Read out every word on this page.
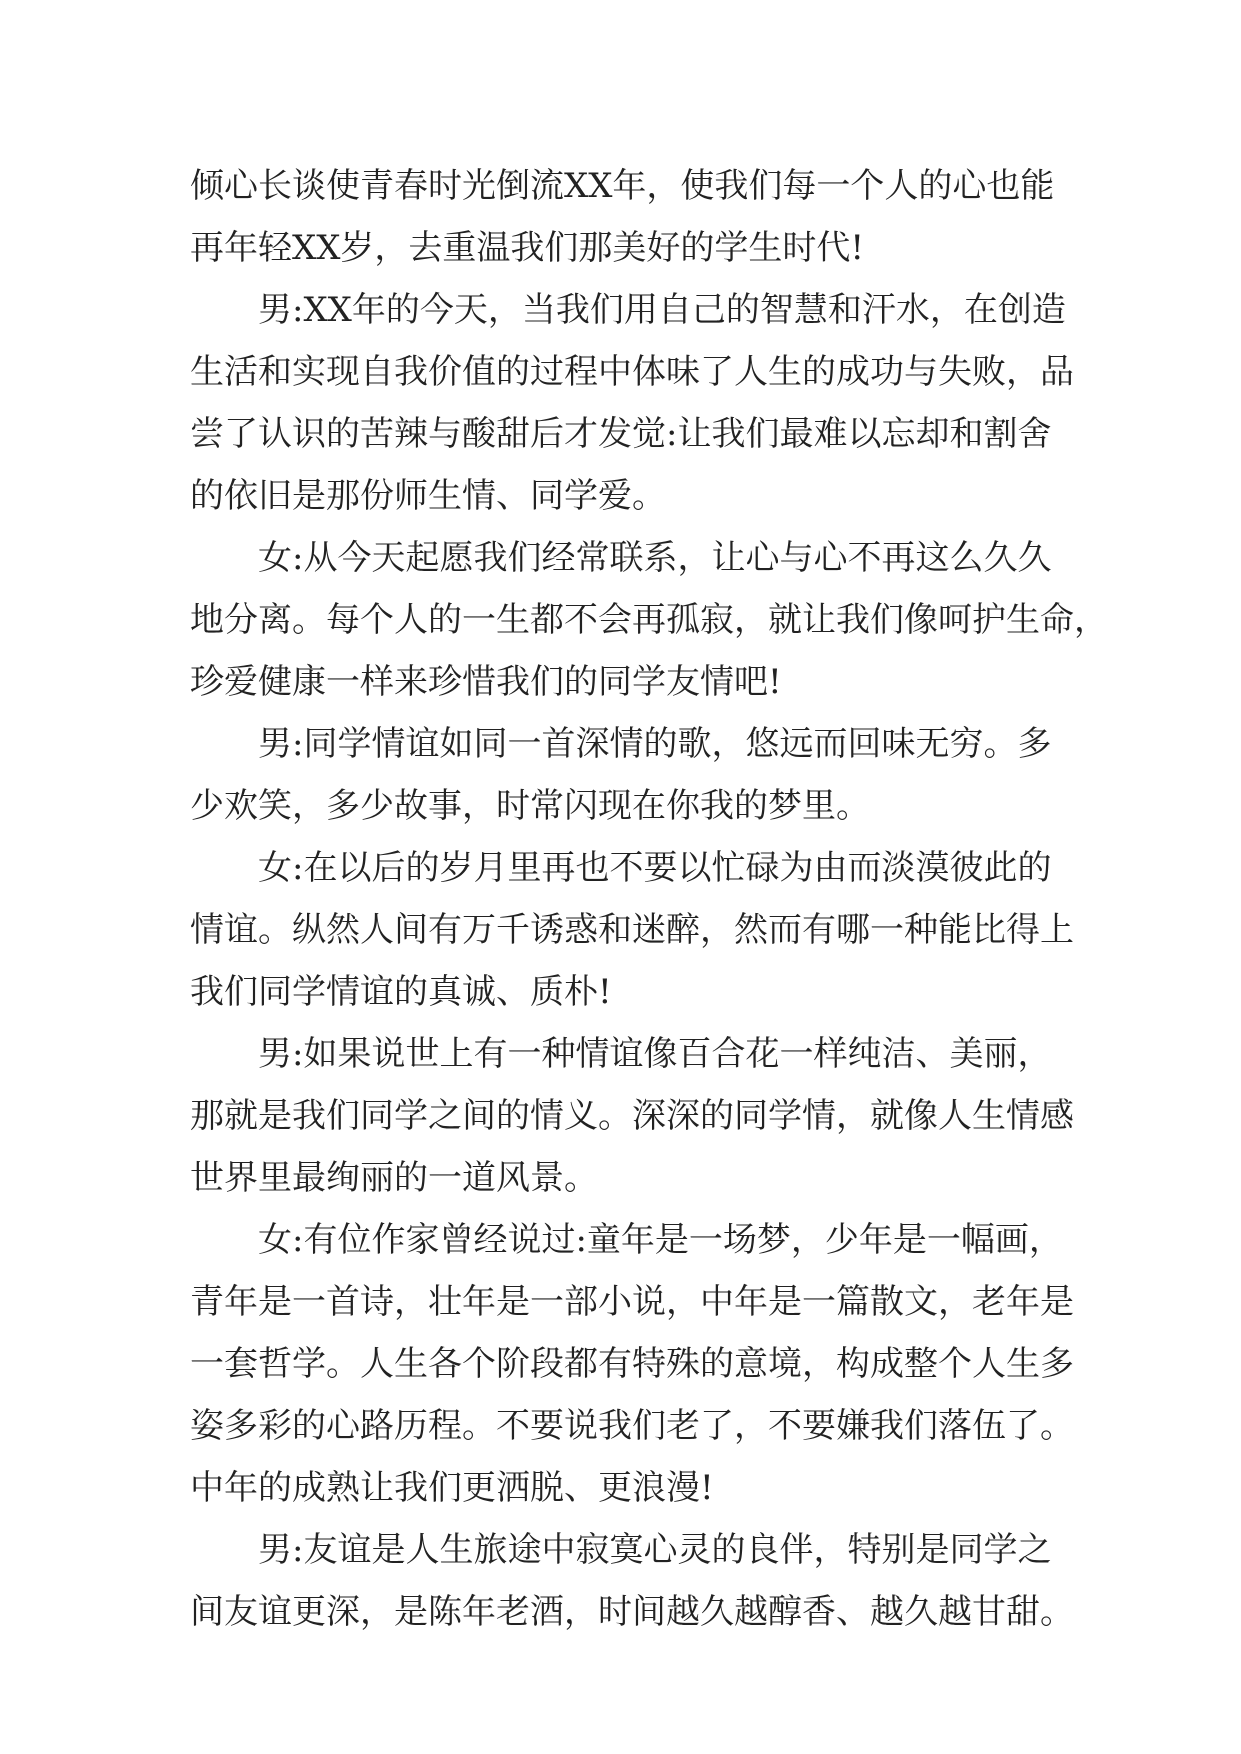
倾心长谈使青春时光倒流XX年，使我们每一个人的心也能
再年轻XX岁，去重温我们那美好的学生时代!
男:XX年的今天，当我们用自己的智慧和汗水，在创造
生活和实现自我价值的过程中体味了人生的成功与失败，品
尝了认识的苦辣与酸甜后才发觉:让我们最难以忘却和割舍
的依旧是那份师生情、同学爱。
女:从今天起愿我们经常联系，让心与心不再这么久久
地分离。每个人的一生都不会再孤寂，就让我们像呵护生命，
珍爱健康一样来珍惜我们的同学友情吧!
男:同学情谊如同一首深情的歌，悠远而回味无穷。多
少欢笑，多少故事，时常闪现在你我的梦里。
女:在以后的岁月里再也不要以忙碌为由而淡漠彼此的
情谊。纵然人间有万千诱惑和迷醉，然而有哪一种能比得上
我们同学情谊的真诚、质朴!
男:如果说世上有一种情谊像百合花一样纯洁、美丽，
那就是我们同学之间的情义。深深的同学情，就像人生情感
世界里最绚丽的一道风景。
女:有位作家曾经说过:童年是一场梦，少年是一幅画，
青年是一首诗，壮年是一部小说，中年是一篇散文，老年是
一套哲学。人生各个阶段都有特殊的意境，构成整个人生多
姿多彩的心路历程。不要说我们老了，不要嫌我们落伍了。
中年的成熟让我们更洒脱、更浪漫!
男:友谊是人生旅途中寂寞心灵的良伴，特别是同学之
间友谊更深，是陈年老酒，时间越久越醇香、越久越甘甜。
